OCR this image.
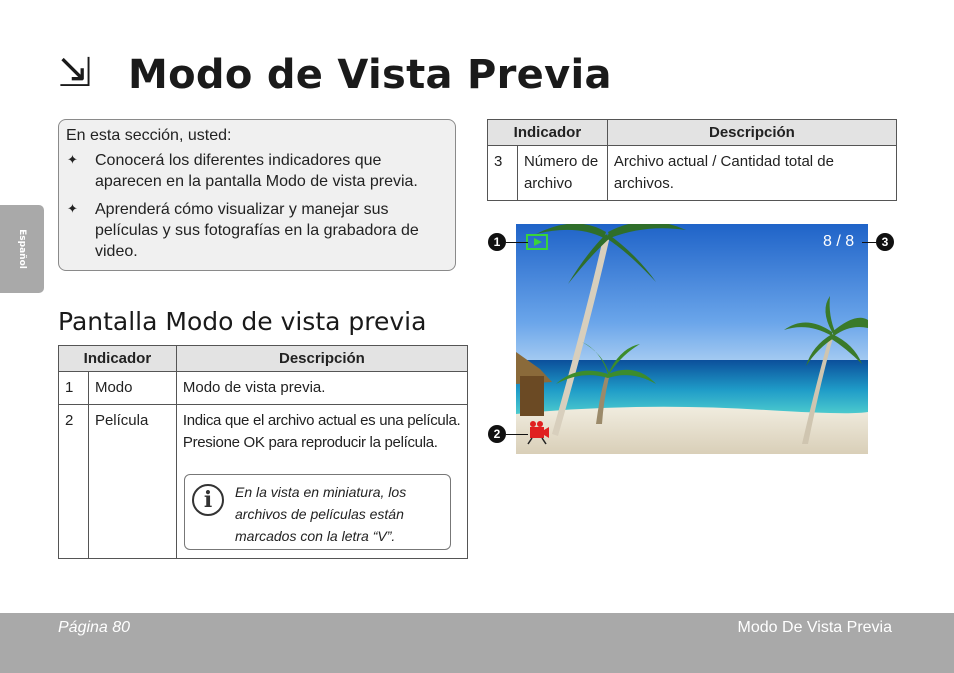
⇲ Modo de Vista Previa
Español
En esta sección, usted:
✦ Conocerá los diferentes indicadores que aparecen en la pantalla Modo de vista previa.
✦ Aprenderá cómo visualizar y manejar sus películas y sus fotografías en la grabadora de video.
Pantalla Modo de vista previa
Indicador		Descripción
1	Modo	Modo de vista previa.
2	Película	Indica que el archivo actual es una película. Presione OK para reproducir la película.
i	En la vista en miniatura, los archivos de películas están marcados con la letra “V”.
Indicador		Descripción
3	Número de archivo	Archivo actual / Cantidad total de archivos.
1
2
3
8 / 8
Página 80	Modo De Vista Previa
